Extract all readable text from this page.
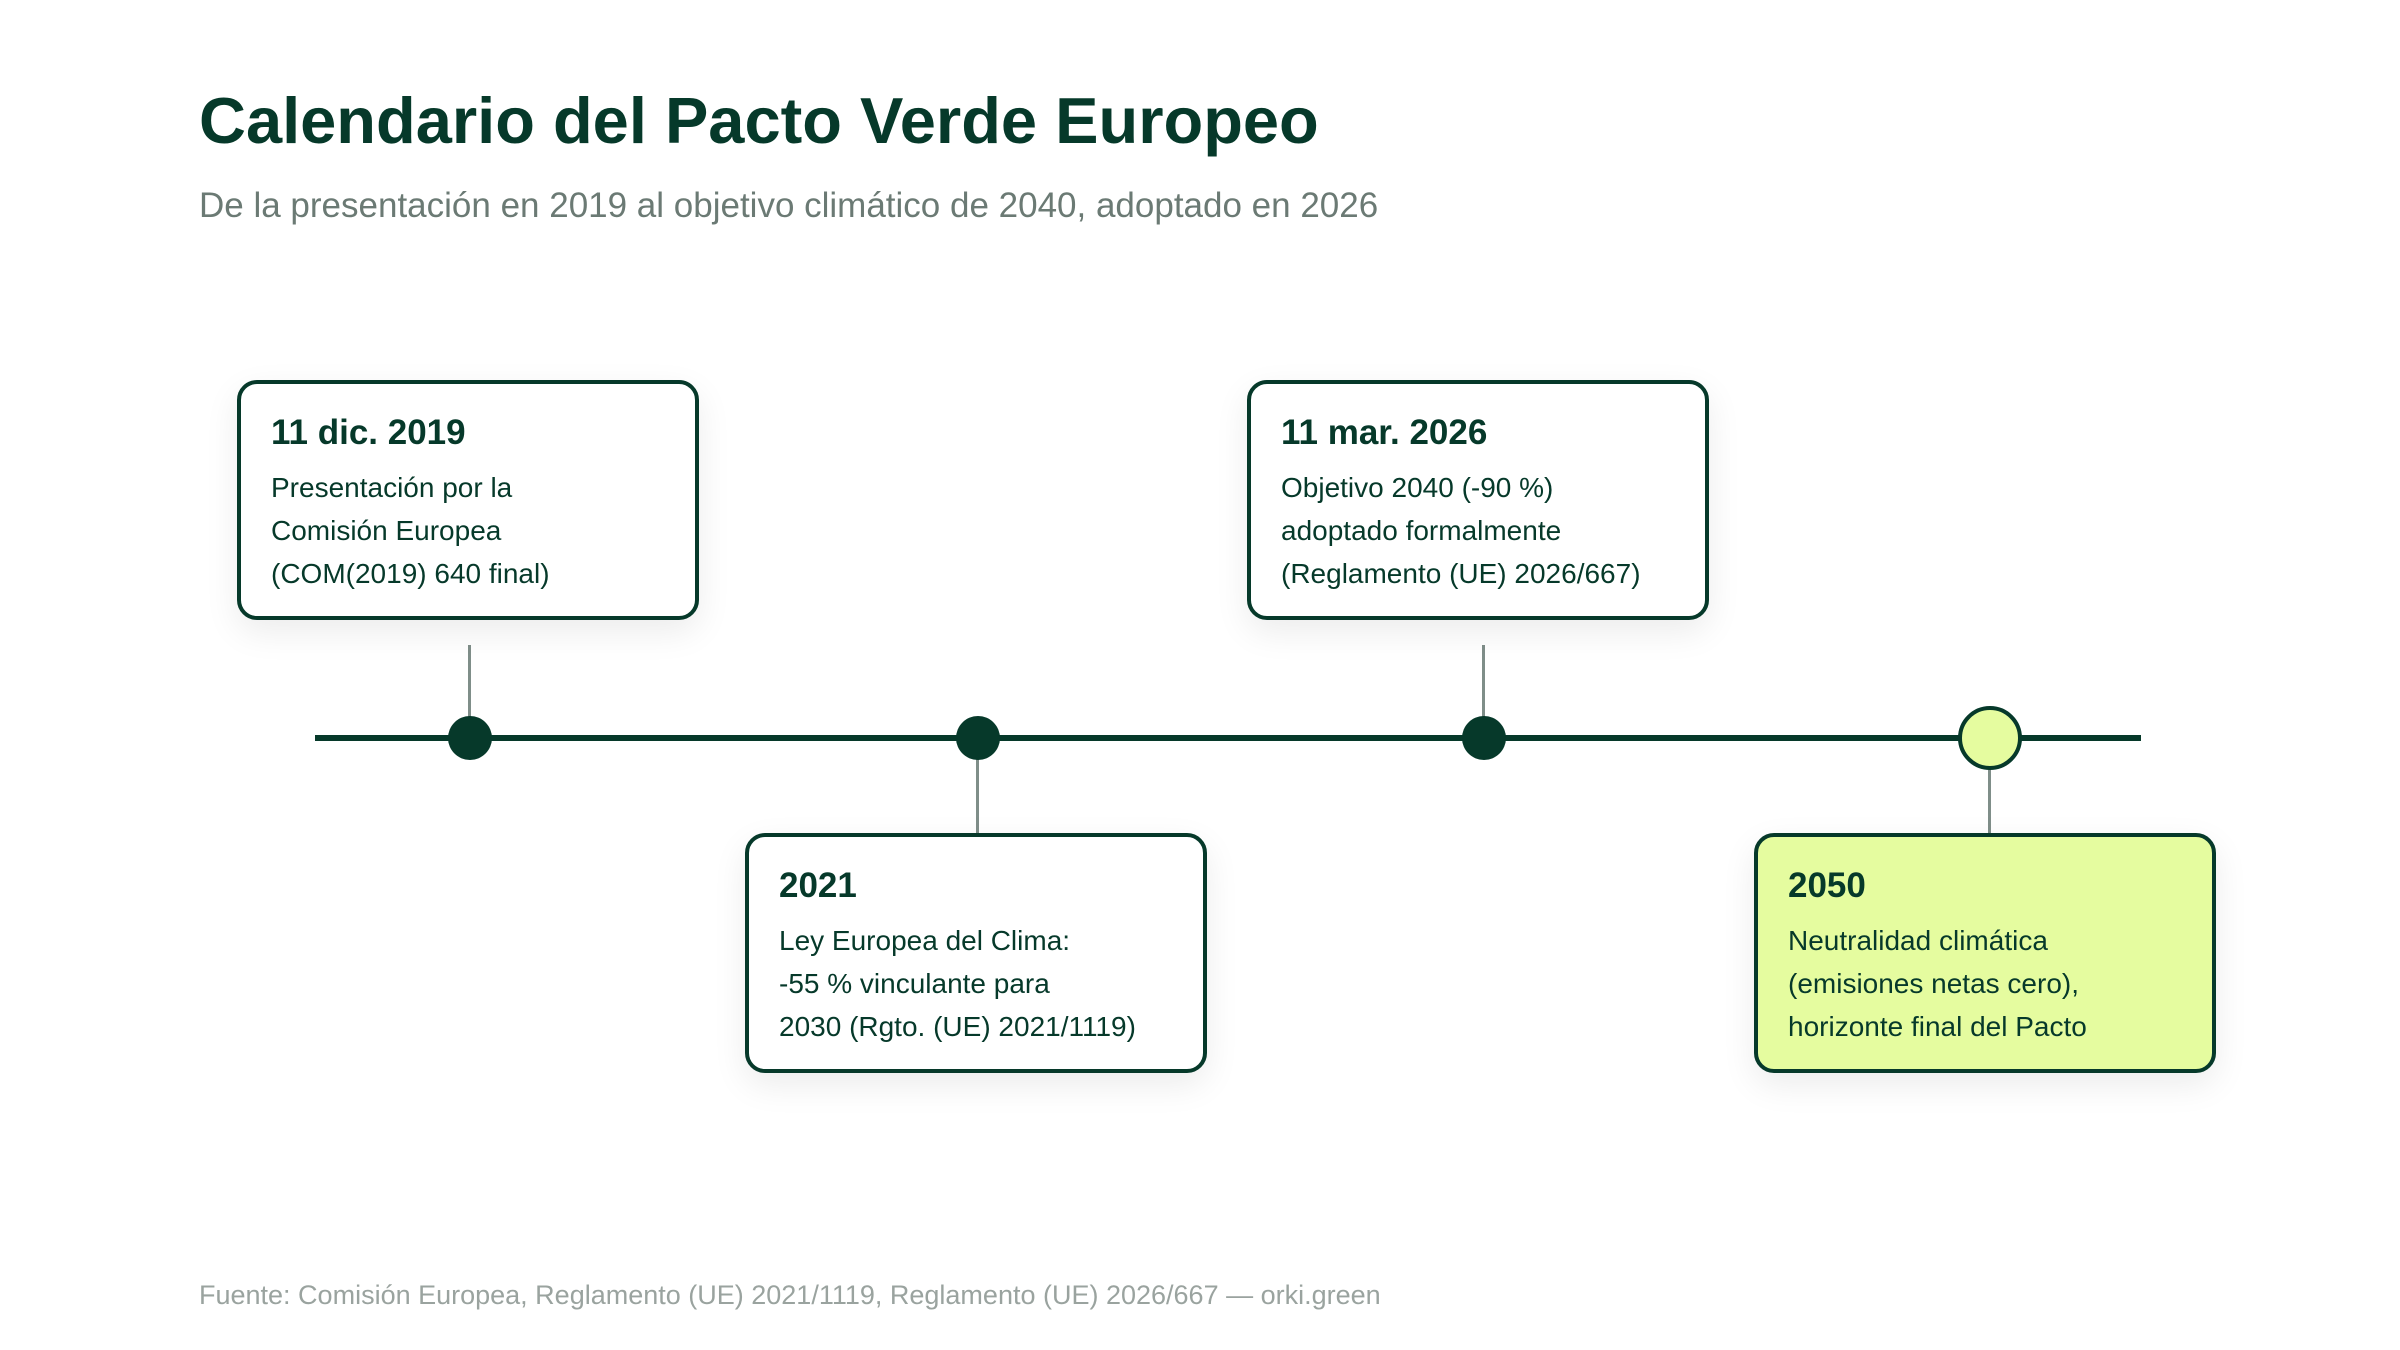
Calendario del Pacto Verde Europeo
De la presentación en 2019 al objetivo climático de 2040, adoptado en 2026
11 dic. 2019
Presentación por la
Comisión Europea
(COM(2019) 640 final)
2021
Ley Europea del Clima:
-55 % vinculante para
2030 (Rgto. (UE) 2021/1119)
11 mar. 2026
Objetivo 2040 (-90 %)
adoptado formalmente
(Reglamento (UE) 2026/667)
2050
Neutralidad climática
(emisiones netas cero),
horizonte final del Pacto
Fuente: Comisión Europea, Reglamento (UE) 2021/1119, Reglamento (UE) 2026/667 — orki.green
